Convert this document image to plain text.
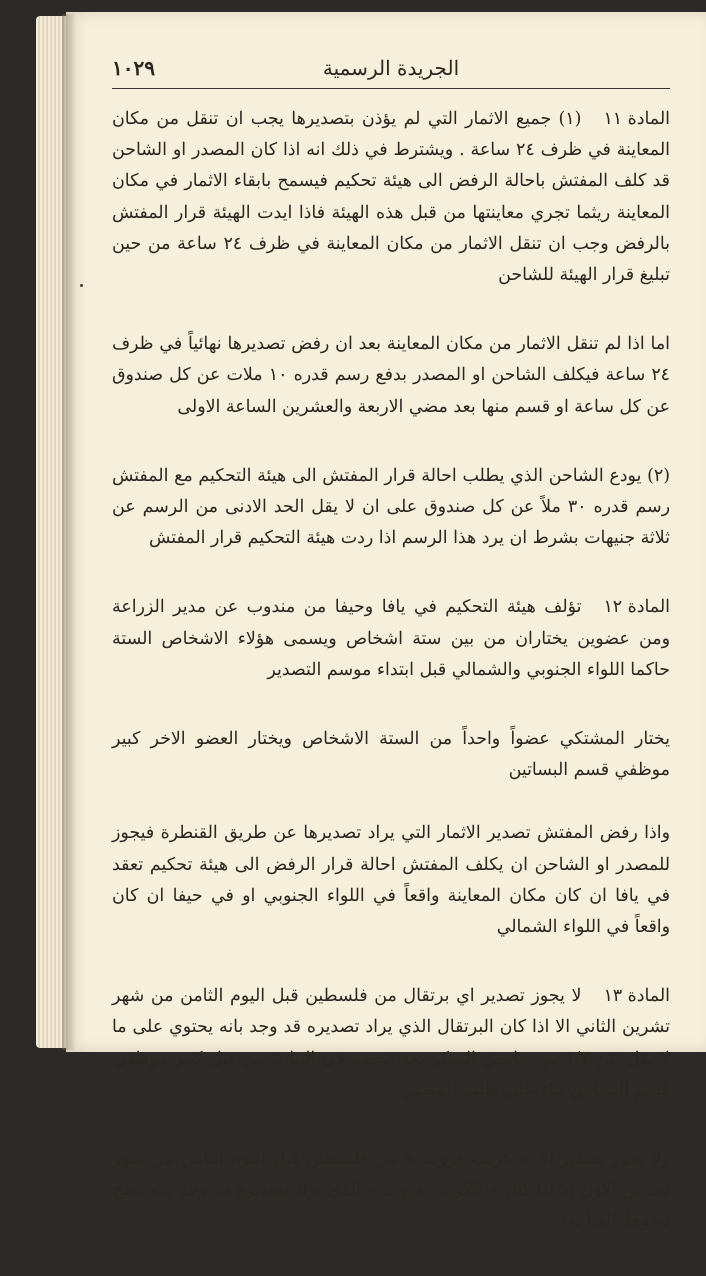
١٠٢٩	الجريدة الرسمية

المادة ١١(١) جميع الاثمار التي لم يؤذن بتصديرها يجب ان تنقل من مكان المعاينة في ظرف ٢٤ ساعة . ويشترط في ذلك انه اذا كان المصدر او الشاحن قد كلف المفتش باحالة الرفض الى هيئة تحكيم فيسمح بابقاء الاثمار في مكان المعاينة ريثما تجري معاينتها من قبل هذه الهيئة فاذا ايدت الهيئة قرار المفتش بالرفض وجب ان تنقل الاثمار من مكان المعاينة في ظرف ٢٤ ساعة من حين تبليغ قرار الهيئة للشاحن

اما اذا لم تنقل الاثمار من مكان المعاينة بعد ان رفض تصديرها نهائياً في ظرف ٢٤ ساعة فيكلف الشاحن او المصدر بدفع رسم قدره ١٠ ملات عن كل صندوق عن كل ساعة او قسم منها بعد مضي الاربعة والعشرين الساعة الاولى

(٢) يودع الشاحن الذي يطلب احالة قرار المفتش الى هيئة التحكيم مع المفتش رسم قدره ٣٠ ملاً عن كل صندوق على ان لا يقل الحد الادنى من الرسم عن ثلاثة جنيهات بشرط ان يرد هذا الرسم اذا ردت هيئة التحكيم قرار المفتش

المادة ١٢تؤلف هيئة التحكيم في يافا وحيفا من مندوب عن مدير الزراعة ومن عضوين يختاران من بين ستة اشخاص ويسمى هؤلاء الاشخاص الستة حاكما اللواء الجنوبي والشمالي قبل ابتداء موسم التصدير

يختار المشتكي عضواً واحداً من الستة الاشخاص ويختار العضو الاخر كبير موظفي قسم البساتين

واذا رفض المفتش تصدير الاثمار التي يراد تصديرها عن طريق القنطرة فيجوز للمصدر او الشاحن ان يكلف المفتش احالة قرار الرفض الى هيئة تحكيم تعقد في يافا ان كان مكان المعاينة واقعاً في اللواء الجنوبي او في حيفا ان كان واقعاً في اللواء الشمالي

المادة ١٣لا يجوز تصدير اي برتقال من فلسطين قبل اليوم الثامن من شهر تشرين الثاني الا اذا كان البرتقال الذي يراد تصديره قد وجد بانه يحتوي على ما لا يقل عن ١/٧ من حامض السكر بعد فحصه في البيارة من قبل كبير موظفي قسم البساتين بناء على طلب المصدر

ولا يجوز تصدير اي « كريب فروت » من فلسطين قبل اليوم الثامن من شهر تشرين الاول الا اذا كان « الكريب فروت » الذي يراد تصديره قد وجد بانه نضج نضوجاً كافياً بعد
